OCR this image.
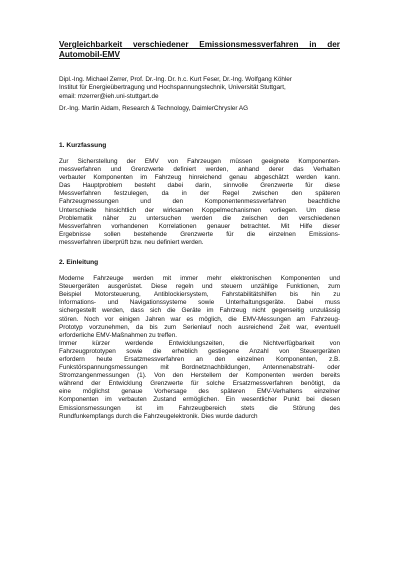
Vergleichbarkeit verschiedener Emissionsmessverfahren in der Automobil-EMV

Dipl.-Ing. Michael Zerrer, Prof. Dr.-Ing. Dr. h.c. Kurt Feser, Dr.-Ing. Wolfgang Köhler

Institut für Energieübertragung und Hochspannungstechnik, Universität Stuttgart,

email: mzerrer@ieh.uni-stuttgart.de

Dr.-Ing. Martin Aidam, Research & Technology, DaimlerChrysler AG
1. Kurzfassung
Zur Sicherstellung der EMV von Fahrzeugen müssen geeignete Komponenten-
messverfahren und Grenzwerte definiert werden, anhand derer das Verhalten
verbauter Komponenten im Fahrzeug hinreichend genau abgeschätzt werden kann.
Das Hauptproblem besteht dabei darin, sinnvolle Grenzwerte für diese
Messverfahren festzulegen, da in der Regel zwischen den späteren
Fahrzeugmessungen und den Komponentenmessverfahren beachtliche
Unterschiede hinsichtlich der wirksamen Koppelmechanismen vorliegen. Um diese
Problematik näher zu untersuchen werden die zwischen den verschiedenen
Messverfahren vorhandenen Korrelationen genauer betrachtet. Mit Hilfe dieser
Ergebnisse sollen bestehende Grenzwerte für die einzelnen Emissions-
messverfahren überprüft bzw. neu definiert werden.
2. Einleitung
Moderne Fahrzeuge werden mit immer mehr elektronischen Komponenten und
Steuergeräten ausgerüstet. Diese regeln und steuern unzählige Funktionen, zum
Beispiel Motorsteuerung, Antiblockiersystem, Fahrstabilitätshilfen bis hin zu
Informations- und Navigationssysteme sowie Unterhaltungsgeräte. Dabei muss
sichergestellt werden, dass sich die Geräte im Fahrzeug nicht gegenseitig unzulässig
stören. Noch vor einigen Jahren war es möglich, die EMV-Messungen am Fahrzeug-
Prototyp vorzunehmen, da bis zum Serienlauf noch ausreichend Zeit war, eventuell
erforderliche EMV-Maßnahmen zu treffen.
Immer kürzer werdende Entwicklungszeiten, die Nichtverfügbarkeit von
Fahrzeugprototypen sowie die erheblich gestiegene Anzahl von Steuergeräten
erfordern heute Ersatzmessverfahren an den einzelnen Komponenten, z.B.
Funkstörspannungsmessungen mit Bordnetznachbildungen, Antennenabstrahl- oder
Stromzangenmessungen (1). Von den Herstellern der Komponenten werden bereits
während der Entwicklung Grenzwerte für solche Ersatzmessverfahren benötigt, da
eine möglichst genaue Vorhersage des späteren EMV-Verhaltens einzelner
Komponenten im verbauten Zustand ermöglichen. Ein wesentlicher Punkt bei diesen
Emissionsmessungen ist im Fahrzeugbereich stets die Störung des
Rundfunkempfangs durch die Fahrzeugelektronik. Dies wurde dadurch
